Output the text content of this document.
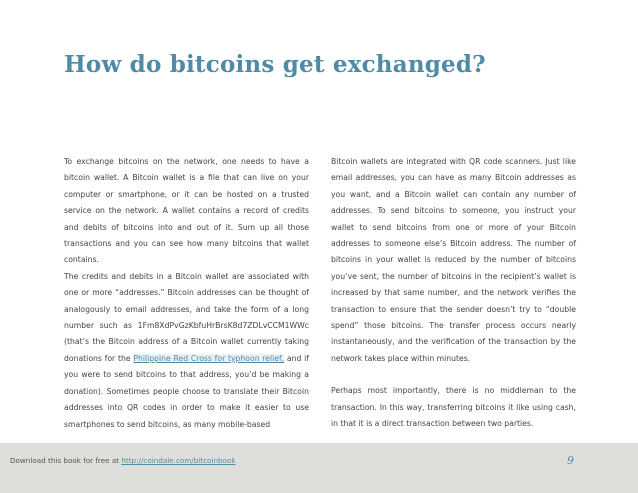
How do bitcoins get exchanged?

To exchange bitcoins on the network, one needs to have a bitcoin wallet. A Bitcoin wallet is a file that can live on your computer or smartphone, or it can be hosted on a trusted service on the network. A wallet contains a record of credits and debits of bitcoins into and out of it. Sum up all those transactions and you can see how many bitcoins that wallet contains.

The credits and debits in a Bitcoin wallet are associated with one or more “addresses.” Bitcoin addresses can be thought of analogously to email addresses, and take the form of a long number such as 1Fm8XdPvGzKbfuHrBrsK8d7ZDLvCCM1WWc (that’s the Bitcoin address of a Bitcoin wallet currently taking donations for the Philippine Red Cross for typhoon relief, and if you were to send bitcoins to that address, you’d be making a donation). Sometimes people choose to translate their Bitcoin addresses into QR codes in order to make it easier to use smartphones to send bitcoins, as many mobile-based

Bitcoin wallets are integrated with QR code scanners. Just like email addresses, you can have as many Bitcoin addresses as you want, and a Bitcoin wallet can contain any number of addresses. To send bitcoins to someone, you instruct your wallet to send bitcoins from one or more of your Bitcoin addresses to someone else’s Bitcoin address. The number of bitcoins in your wallet is reduced by the number of bitcoins you’ve sent, the number of bitcoins in the recipient’s wallet is increased by that same number, and the network verifies the transaction to ensure that the sender doesn’t try to “double spend” those bitcoins. The transfer process occurs nearly instantaneously, and the verification of the transaction by the network takes place within minutes.

Perhaps most importantly, there is no middleman to the transaction. In this way, transferring bitcoins it like using cash, in that it is a direct transaction between two parties.

Download this book for free at http://coindale.com/bitcoinbook	9
